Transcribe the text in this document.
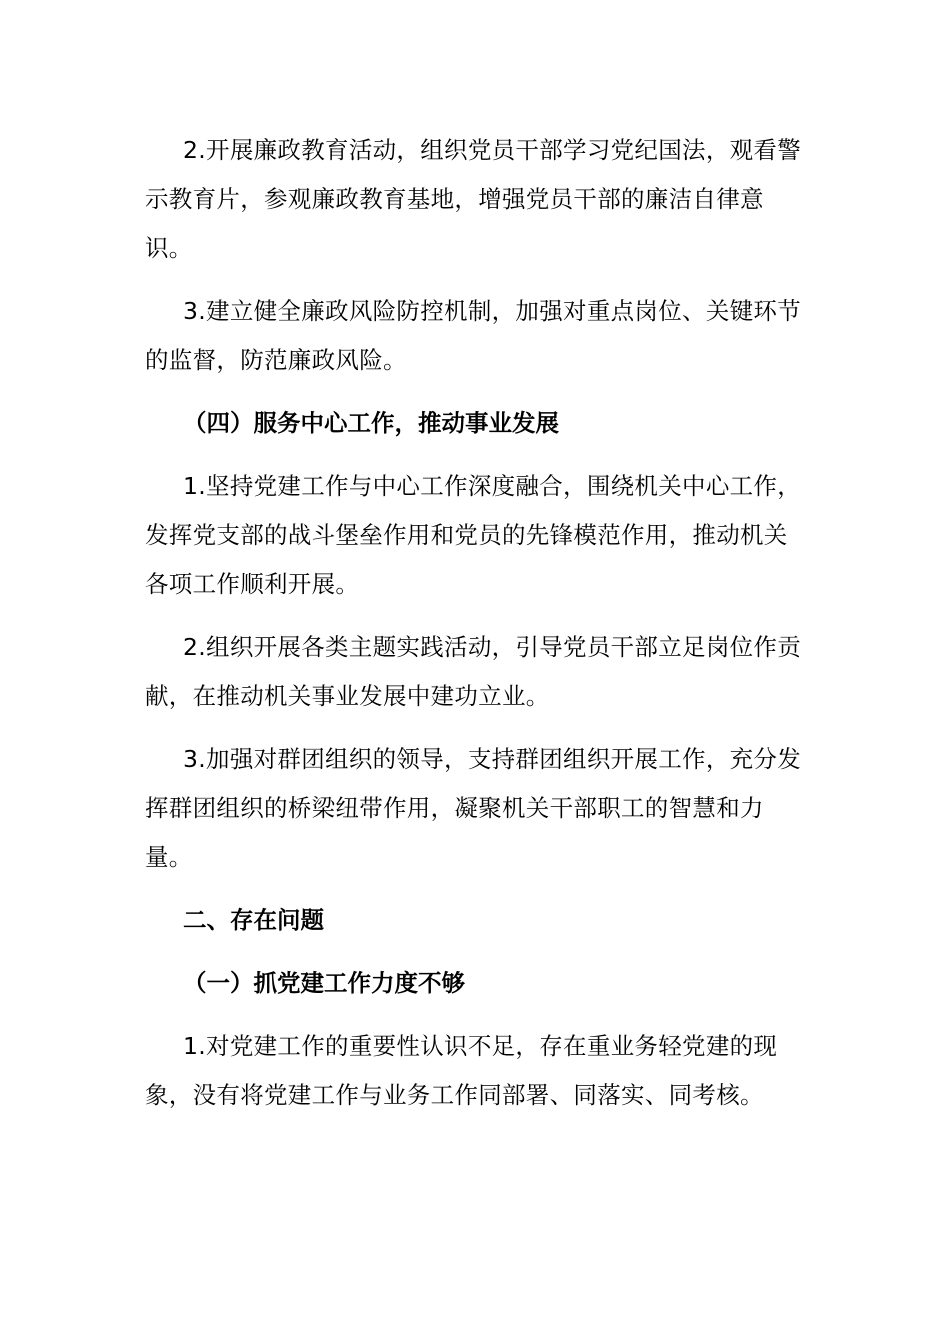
2.开展廉政教育活动，组织党员干部学习党纪国法，观看警示教育片，参观廉政教育基地，增强党员干部的廉洁自律意识。

3.建立健全廉政风险防控机制，加强对重点岗位、关键环节的监督，防范廉政风险。

（四）服务中心工作，推动事业发展

1.坚持党建工作与中心工作深度融合，围绕机关中心工作，发挥党支部的战斗堡垒作用和党员的先锋模范作用，推动机关各项工作顺利开展。

2.组织开展各类主题实践活动，引导党员干部立足岗位作贡献，在推动机关事业发展中建功立业。

3.加强对群团组织的领导，支持群团组织开展工作，充分发挥群团组织的桥梁纽带作用，凝聚机关干部职工的智慧和力量。

二、存在问题

（一）抓党建工作力度不够

1.对党建工作的重要性认识不足，存在重业务轻党建的现象，没有将党建工作与业务工作同部署、同落实、同考核。
